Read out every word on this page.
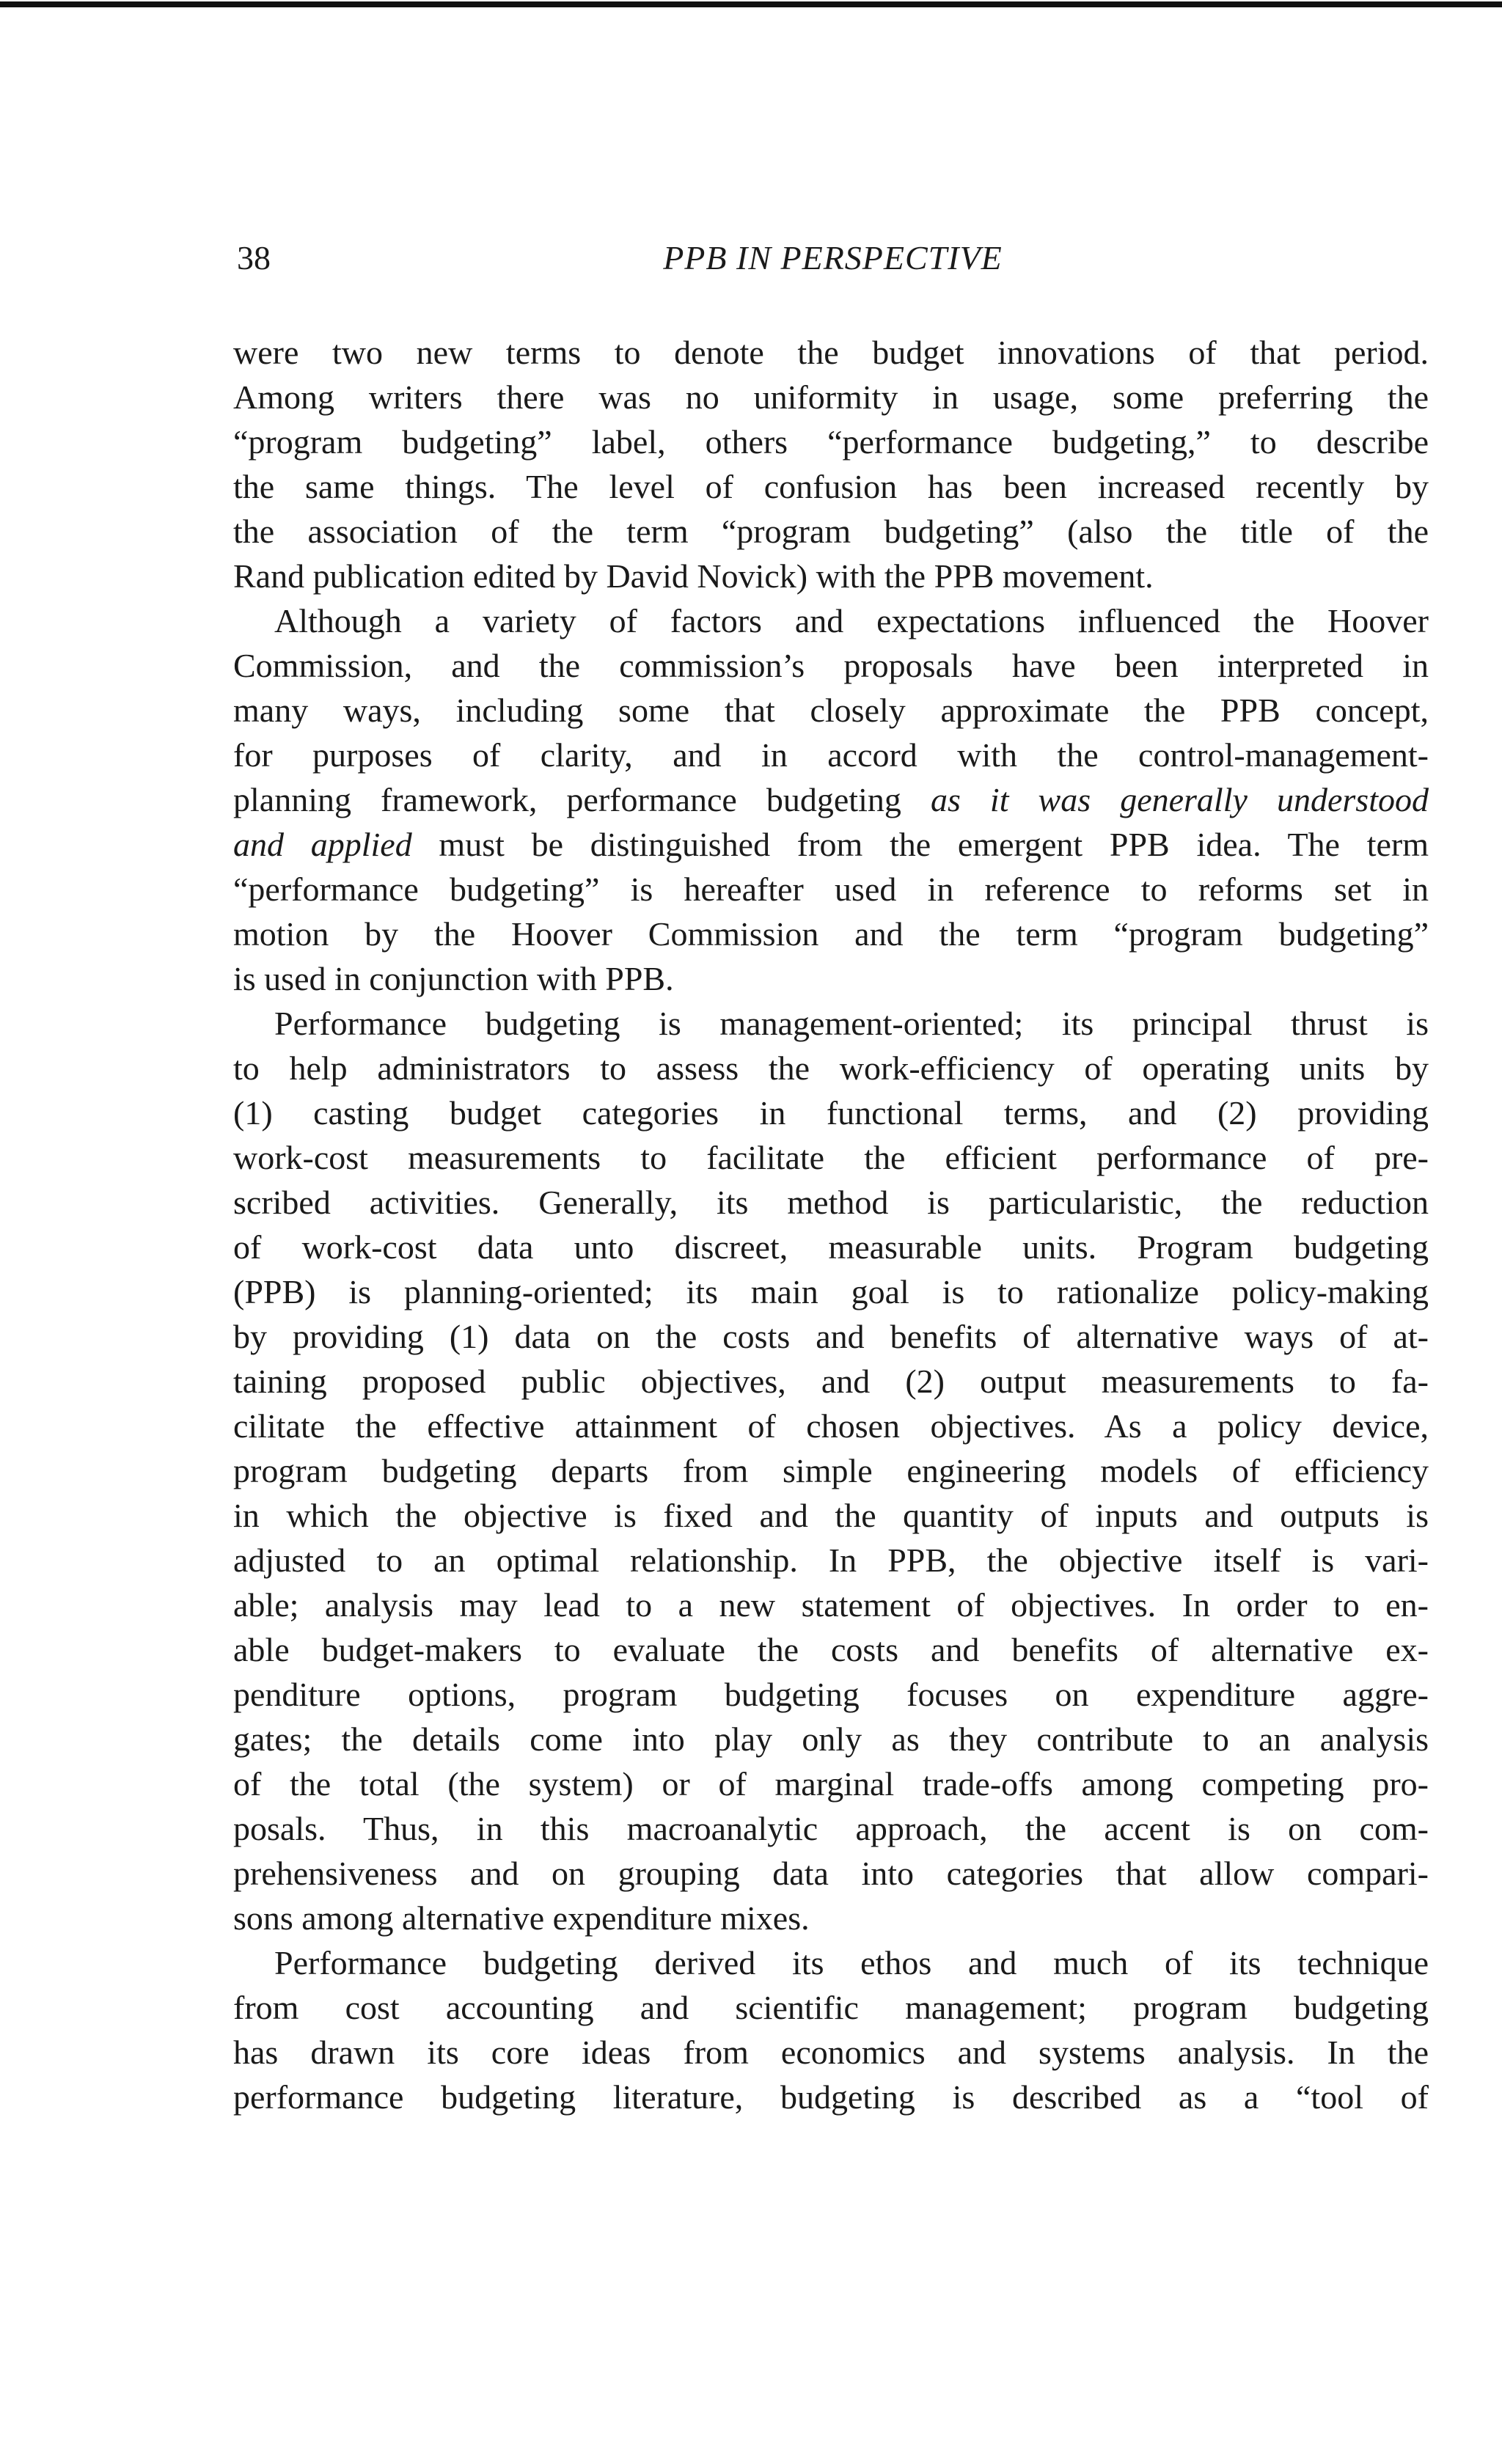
38	PPB IN PERSPECTIVE

were two new terms to denote the budget innovations of that period.
Among writers there was no uniformity in usage, some preferring the
“program budgeting” label, others “performance budgeting,” to describe
the same things. The level of confusion has been increased recently by
the association of the term “program budgeting” (also the title of the
Rand publication edited by David Novick) with the PPB movement.

Although a variety of factors and expectations influenced the Hoover
Commission, and the commission’s proposals have been interpreted in
many ways, including some that closely approximate the PPB concept,
for purposes of clarity, and in accord with the control-management-
planning framework, performance budgeting as it was generally understood
and applied must be distinguished from the emergent PPB idea. The term
“performance budgeting” is hereafter used in reference to reforms set in
motion by the Hoover Commission and the term “program budgeting”
is used in conjunction with PPB.

Performance budgeting is management-oriented; its principal thrust is
to help administrators to assess the work-efficiency of operating units by
(1) casting budget categories in functional terms, and (2) providing
work-cost measurements to facilitate the efficient performance of pre-
scribed activities. Generally, its method is particularistic, the reduction
of work-cost data unto discreet, measurable units. Program budgeting
(PPB) is planning-oriented; its main goal is to rationalize policy-making
by providing (1) data on the costs and benefits of alternative ways of at-
taining proposed public objectives, and (2) output measurements to fa-
cilitate the effective attainment of chosen objectives. As a policy device,
program budgeting departs from simple engineering models of efficiency
in which the objective is fixed and the quantity of inputs and outputs is
adjusted to an optimal relationship. In PPB, the objective itself is vari-
able; analysis may lead to a new statement of objectives. In order to en-
able budget-makers to evaluate the costs and benefits of alternative ex-
penditure options, program budgeting focuses on expenditure aggre-
gates; the details come into play only as they contribute to an analysis
of the total (the system) or of marginal trade-offs among competing pro-
posals. Thus, in this macroanalytic approach, the accent is on com-
prehensiveness and on grouping data into categories that allow compari-
sons among alternative expenditure mixes.

Performance budgeting derived its ethos and much of its technique
from cost accounting and scientific management; program budgeting
has drawn its core ideas from economics and systems analysis. In the
performance budgeting literature, budgeting is described as a “tool of
